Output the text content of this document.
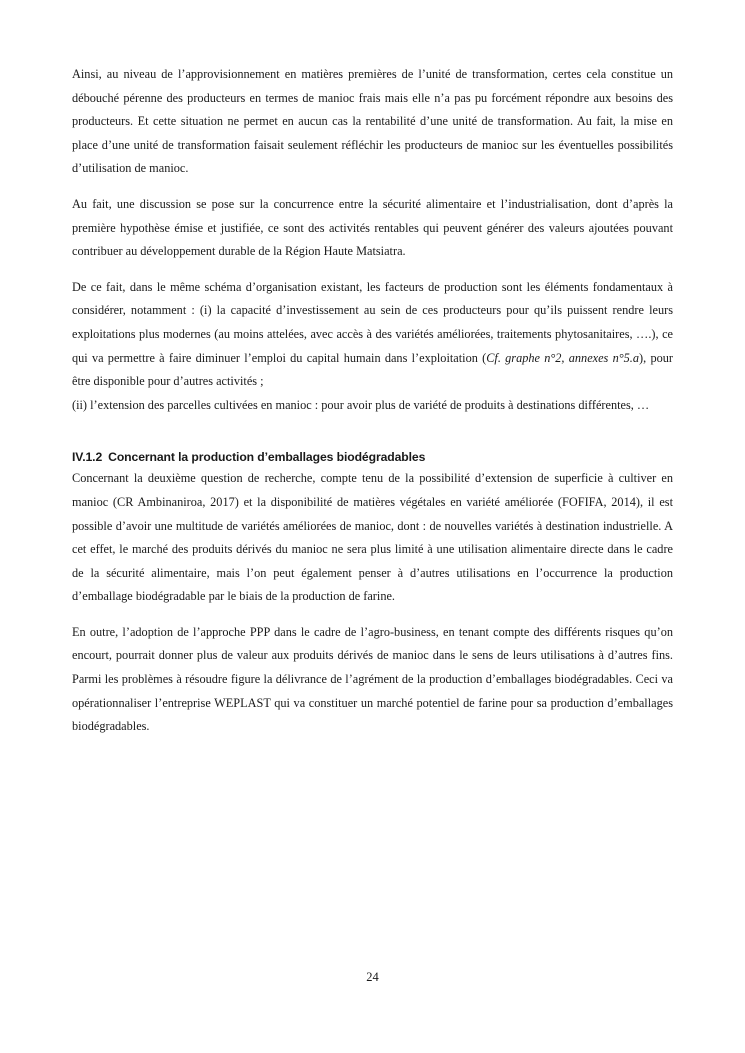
Ainsi, au niveau de l’approvisionnement en matières premières de l’unité de transformation, certes cela constitue un débouché pérenne des producteurs en termes de manioc frais mais elle n’a pas pu forcément répondre aux besoins des producteurs. Et cette situation ne permet en aucun cas la rentabilité d’une unité de transformation. Au fait, la mise en place d’une unité de transformation faisait seulement réfléchir les producteurs de manioc sur les éventuelles possibilités d’utilisation de manioc.

Au fait, une discussion se pose sur la concurrence entre la sécurité alimentaire et l’industrialisation, dont d’après la première hypothèse émise et justifiée, ce sont des activités rentables qui peuvent générer des valeurs ajoutées pouvant contribuer au développement durable de la Région Haute Matsiatra.

De ce fait, dans le même schéma d’organisation existant, les facteurs de production sont les éléments fondamentaux à considérer, notamment : (i) la capacité d’investissement au sein de ces producteurs pour qu’ils puissent rendre leurs exploitations plus modernes (au moins attelées, avec accès à des variétés améliorées, traitements phytosanitaires, ….), ce qui va permettre à faire diminuer l’emploi du capital humain dans l’exploitation (Cf. graphe n°2, annexes n°5.a), pour être disponible pour d’autres activités ;
(ii) l’extension des parcelles cultivées en manioc : pour avoir plus de variété de produits à destinations différentes, …

IV.1.2 Concernant la production d’emballages biodégradables

Concernant la deuxième question de recherche, compte tenu de la possibilité d’extension de superficie à cultiver en manioc (CR Ambinaniroa, 2017) et la disponibilité de matières végétales en variété améliorée (FOFIFA, 2014), il est possible d’avoir une multitude de variétés améliorées de manioc, dont : de nouvelles variétés à destination industrielle. A cet effet, le marché des produits dérivés du manioc ne sera plus limité à une utilisation alimentaire directe dans le cadre de la sécurité alimentaire, mais l’on peut également penser à d’autres utilisations en l’occurrence la production d’emballage biodégradable par le biais de la production de farine.

En outre, l’adoption de l’approche PPP dans le cadre de l’agro-business, en tenant compte des différents risques qu’on encourt, pourrait donner plus de valeur aux produits dérivés de manioc dans le sens de leurs utilisations à d’autres fins. Parmi les problèmes à résoudre figure la délivrance de l’agrément de la production d’emballages biodégradables. Ceci va opérationnaliser l’entreprise WEPLAST qui va constituer un marché potentiel de farine pour sa production d’emballages biodégradables.

24
